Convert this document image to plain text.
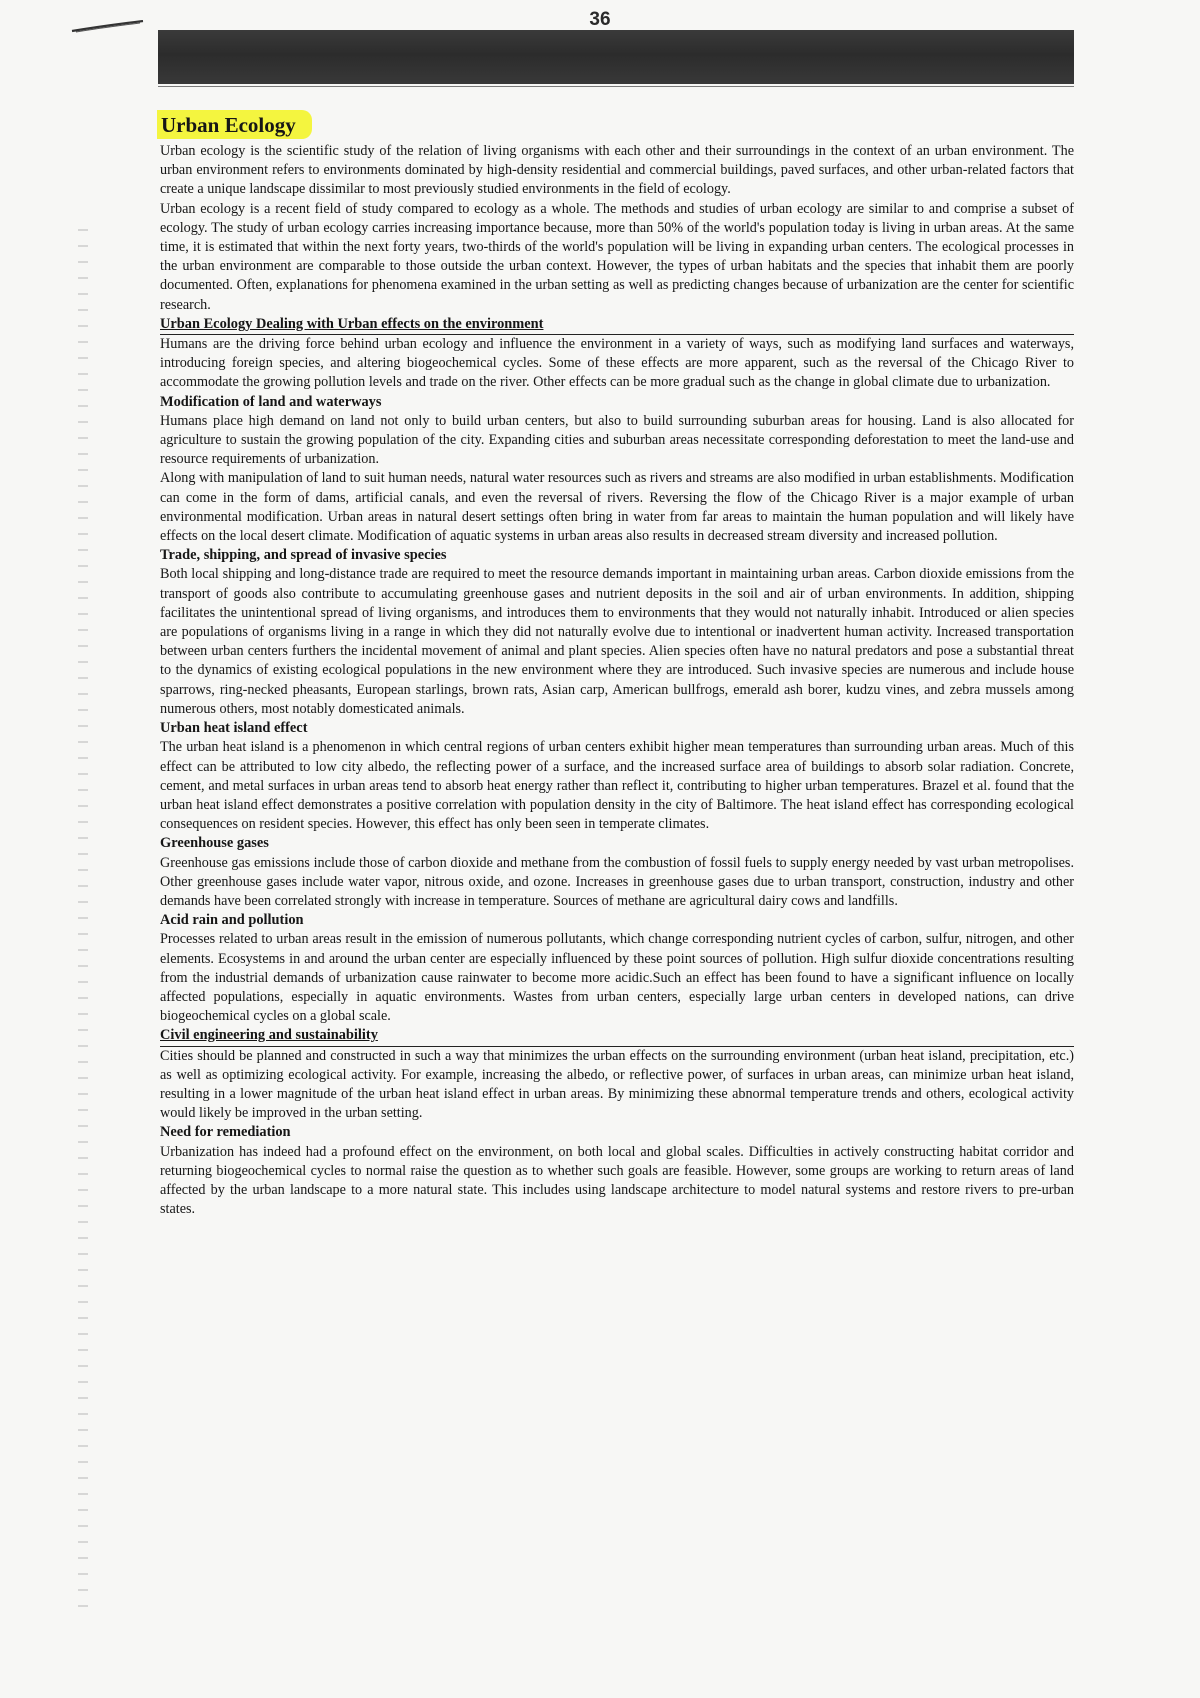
36
Urban Ecology

Urban ecology is the scientific study of the relation of living organisms with each other and their surroundings in the context of an urban environment. The urban environment refers to environments dominated by high-density residential and commercial buildings, paved surfaces, and other urban-related factors that create a unique landscape dissimilar to most previously studied environments in the field of ecology.

Urban ecology is a recent field of study compared to ecology as a whole. The methods and studies of urban ecology are similar to and comprise a subset of ecology. The study of urban ecology carries increasing importance because, more than 50% of the world's population today is living in urban areas. At the same time, it is estimated that within the next forty years, two-thirds of the world's population will be living in expanding urban centers. The ecological processes in the urban environment are comparable to those outside the urban context. However, the types of urban habitats and the species that inhabit them are poorly documented. Often, explanations for phenomena examined in the urban setting as well as predicting changes because of urbanization are the center for scientific research.

Urban Ecology Dealing with Urban effects on the environment

Humans are the driving force behind urban ecology and influence the environment in a variety of ways, such as modifying land surfaces and waterways, introducing foreign species, and altering biogeochemical cycles. Some of these effects are more apparent, such as the reversal of the Chicago River to accommodate the growing pollution levels and trade on the river. Other effects can be more gradual such as the change in global climate due to urbanization.

Modification of land and waterways

Humans place high demand on land not only to build urban centers, but also to build surrounding suburban areas for housing. Land is also allocated for agriculture to sustain the growing population of the city. Expanding cities and suburban areas necessitate corresponding deforestation to meet the land-use and resource requirements of urbanization.

Along with manipulation of land to suit human needs, natural water resources such as rivers and streams are also modified in urban establishments. Modification can come in the form of dams, artificial canals, and even the reversal of rivers. Reversing the flow of the Chicago River is a major example of urban environmental modification. Urban areas in natural desert settings often bring in water from far areas to maintain the human population and will likely have effects on the local desert climate. Modification of aquatic systems in urban areas also results in decreased stream diversity and increased pollution.

Trade, shipping, and spread of invasive species

Both local shipping and long-distance trade are required to meet the resource demands important in maintaining urban areas. Carbon dioxide emissions from the transport of goods also contribute to accumulating greenhouse gases and nutrient deposits in the soil and air of urban environments. In addition, shipping facilitates the unintentional spread of living organisms, and introduces them to environments that they would not naturally inhabit. Introduced or alien species are populations of organisms living in a range in which they did not naturally evolve due to intentional or inadvertent human activity. Increased transportation between urban centers furthers the incidental movement of animal and plant species. Alien species often have no natural predators and pose a substantial threat to the dynamics of existing ecological populations in the new environment where they are introduced. Such invasive species are numerous and include house sparrows, ring-necked pheasants, European starlings, brown rats, Asian carp, American bullfrogs, emerald ash borer, kudzu vines, and zebra mussels among numerous others, most notably domesticated animals.

Urban heat island effect

The urban heat island is a phenomenon in which central regions of urban centers exhibit higher mean temperatures than surrounding urban areas. Much of this effect can be attributed to low city albedo, the reflecting power of a surface, and the increased surface area of buildings to absorb solar radiation. Concrete, cement, and metal surfaces in urban areas tend to absorb heat energy rather than reflect it, contributing to higher urban temperatures. Brazel et al. found that the urban heat island effect demonstrates a positive correlation with population density in the city of Baltimore. The heat island effect has corresponding ecological consequences on resident species. However, this effect has only been seen in temperate climates.

Greenhouse gases

Greenhouse gas emissions include those of carbon dioxide and methane from the combustion of fossil fuels to supply energy needed by vast urban metropolises. Other greenhouse gases include water vapor, nitrous oxide, and ozone. Increases in greenhouse gases due to urban transport, construction, industry and other demands have been correlated strongly with increase in temperature. Sources of methane are agricultural dairy cows and landfills.

Acid rain and pollution

Processes related to urban areas result in the emission of numerous pollutants, which change corresponding nutrient cycles of carbon, sulfur, nitrogen, and other elements. Ecosystems in and around the urban center are especially influenced by these point sources of pollution. High sulfur dioxide concentrations resulting from the industrial demands of urbanization cause rainwater to become more acidic.Such an effect has been found to have a significant influence on locally affected populations, especially in aquatic environments. Wastes from urban centers, especially large urban centers in developed nations, can drive biogeochemical cycles on a global scale.

Civil engineering and sustainability

Cities should be planned and constructed in such a way that minimizes the urban effects on the surrounding environment (urban heat island, precipitation, etc.) as well as optimizing ecological activity. For example, increasing the albedo, or reflective power, of surfaces in urban areas, can minimize urban heat island, resulting in a lower magnitude of the urban heat island effect in urban areas. By minimizing these abnormal temperature trends and others, ecological activity would likely be improved in the urban setting.

Need for remediation

Urbanization has indeed had a profound effect on the environment, on both local and global scales. Difficulties in actively constructing habitat corridor and returning biogeochemical cycles to normal raise the question as to whether such goals are feasible. However, some groups are working to return areas of land affected by the urban landscape to a more natural state. This includes using landscape architecture to model natural systems and restore rivers to pre-urban states.
